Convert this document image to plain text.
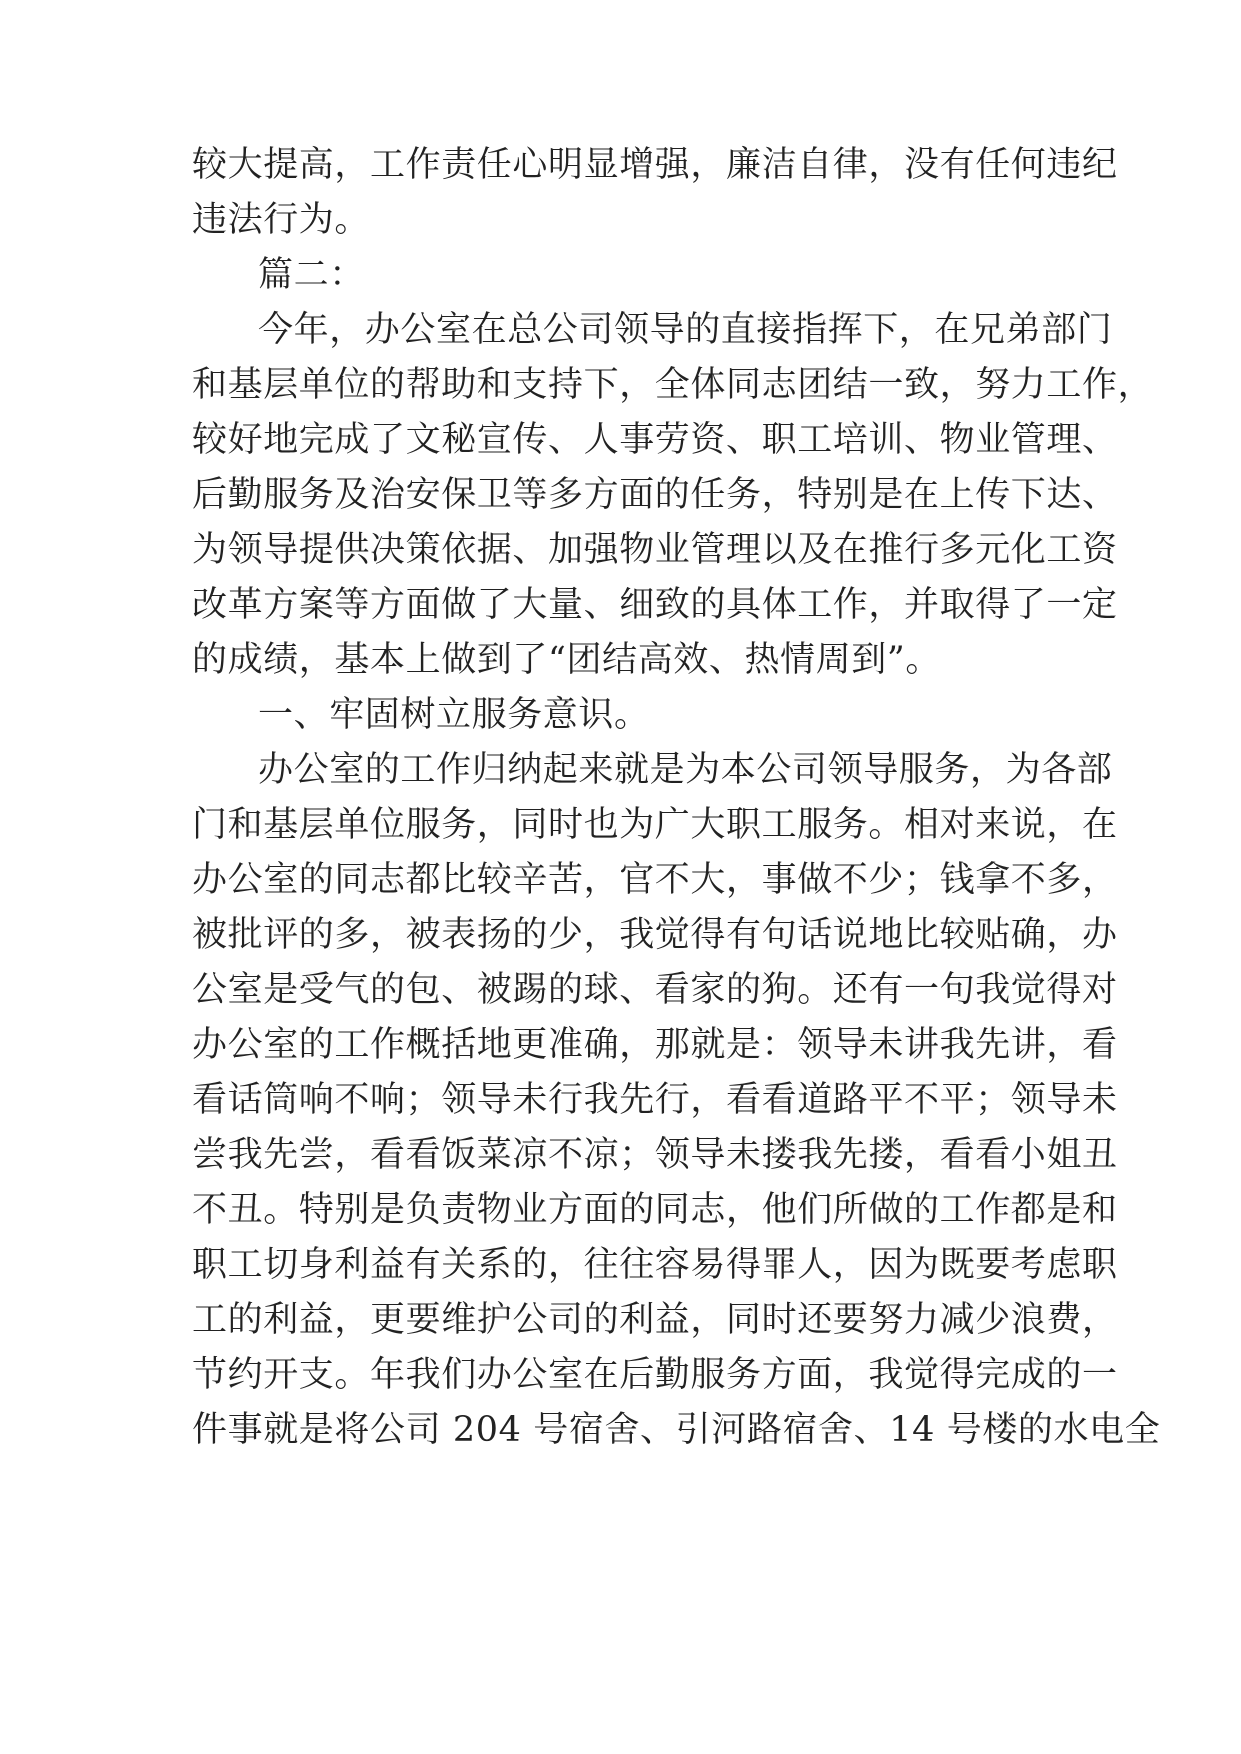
较大提高，工作责任心明显增强，廉洁自律，没有任何违纪
违法行为。
篇二：
今年，办公室在总公司领导的直接指挥下，在兄弟部门
和基层单位的帮助和支持下，全体同志团结一致，努力工作，
较好地完成了文秘宣传、人事劳资、职工培训、物业管理、
后勤服务及治安保卫等多方面的任务，特别是在上传下达、
为领导提供决策依据、加强物业管理以及在推行多元化工资
改革方案等方面做了大量、细致的具体工作，并取得了一定
的成绩，基本上做到了“团结高效、热情周到”。
一、牢固树立服务意识。
办公室的工作归纳起来就是为本公司领导服务，为各部
门和基层单位服务，同时也为广大职工服务。相对来说，在
办公室的同志都比较辛苦，官不大，事做不少；钱拿不多，
被批评的多，被表扬的少，我觉得有句话说地比较贴确，办
公室是受气的包、被踢的球、看家的狗。还有一句我觉得对
办公室的工作概括地更准确，那就是：领导未讲我先讲，看
看话筒响不响；领导未行我先行，看看道路平不平；领导未
尝我先尝，看看饭菜凉不凉；领导未搂我先搂，看看小姐丑
不丑。特别是负责物业方面的同志，他们所做的工作都是和
职工切身利益有关系的，往往容易得罪人，因为既要考虑职
工的利益，更要维护公司的利益，同时还要努力减少浪费，
节约开支。年我们办公室在后勤服务方面，我觉得完成的一
件事就是将公司 204 号宿舍、引河路宿舍、14 号楼的水电全
